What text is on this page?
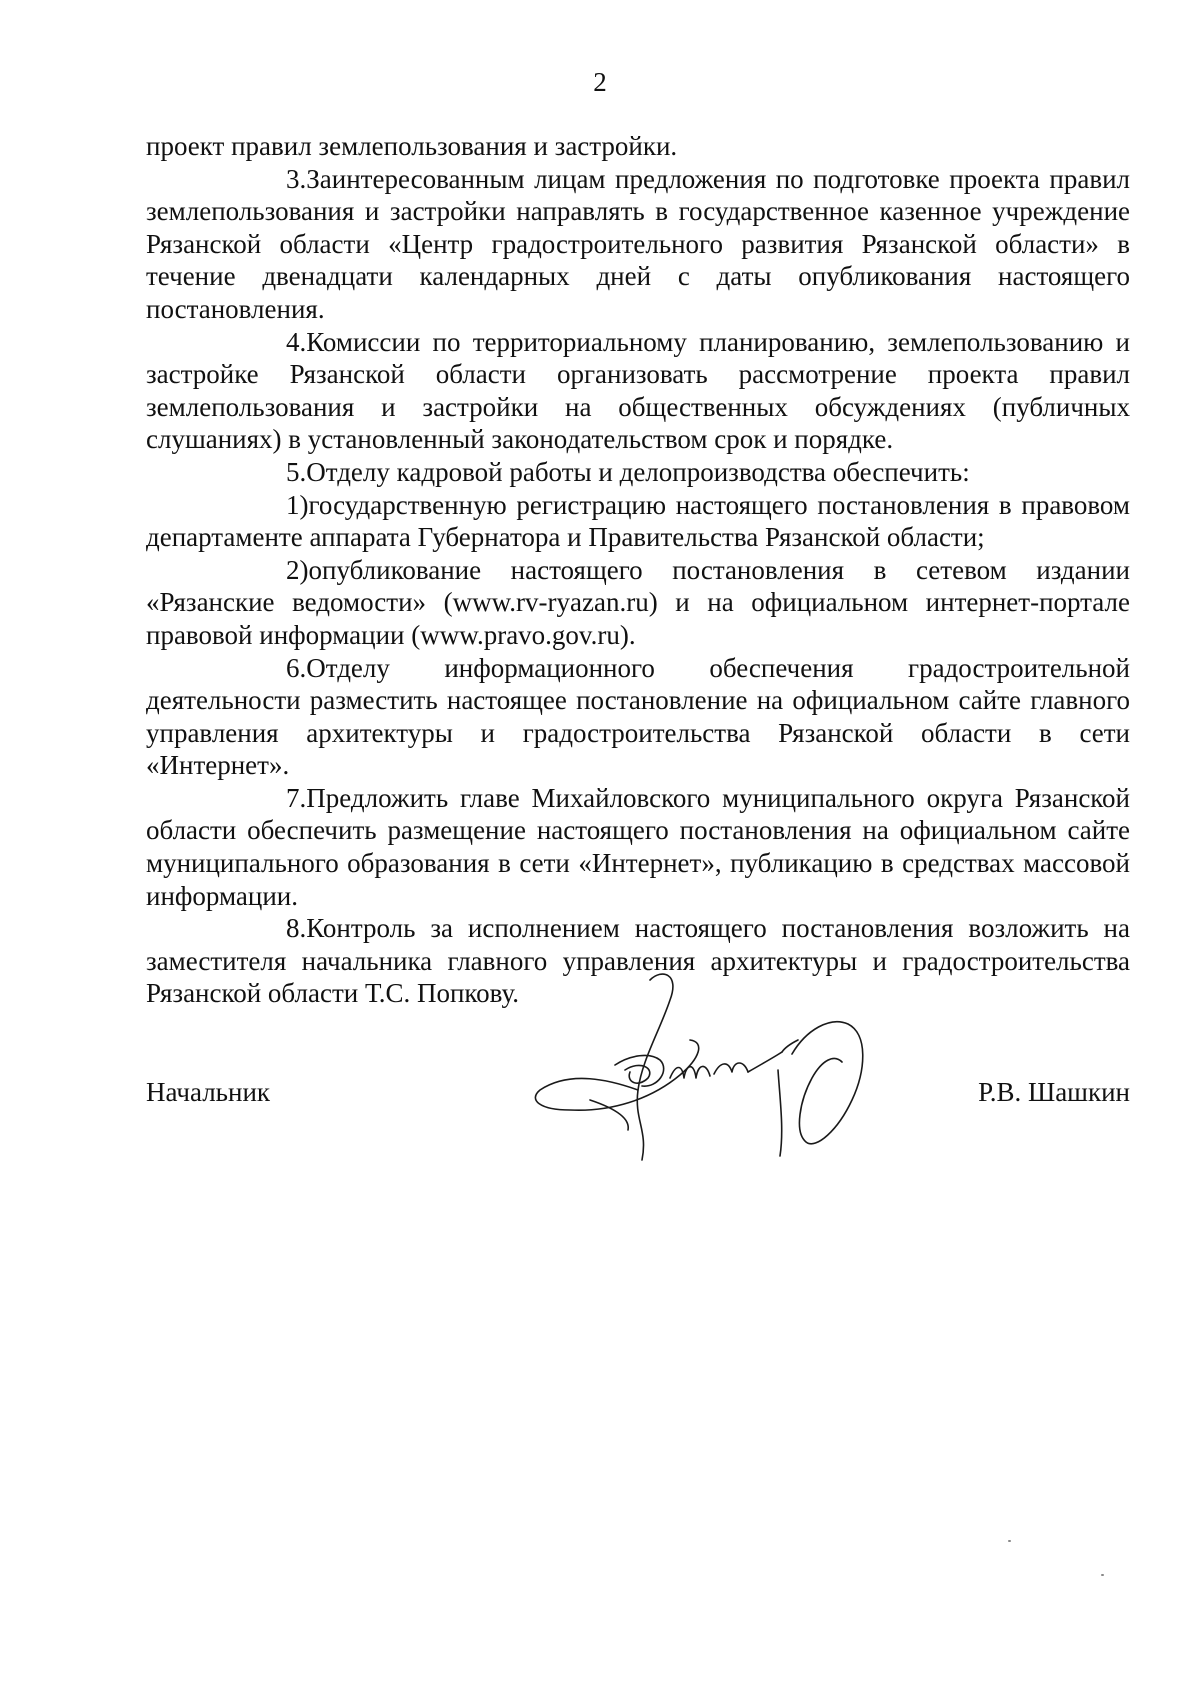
2

проект правил землепользования и застройки.

3.Заинтересованным лицам предложения по подготовке проекта правил землепользования и застройки направлять в государственное казенное учреждение Рязанской области «Центр градостроительного развития Рязанской области» в течение двенадцати календарных дней с даты опубликования настоящего постановления.

4.Комиссии по территориальному планированию, землепользованию и застройке Рязанской области организовать рассмотрение проекта правил землепользования и застройки на общественных обсуждениях (публичных слушаниях) в установленный законодательством срок и порядке.

5.Отделу кадровой работы и делопроизводства обеспечить:

1)государственную регистрацию настоящего постановления в правовом департаменте аппарата Губернатора и Правительства Рязанской области;

2)опубликование настоящего постановления в сетевом издании «Рязанские ведомости» (www.rv-ryazan.ru) и на официальном интернет-портале правовой информации (www.pravo.gov.ru).

6.Отделу информационного обеспечения градостроительной деятельности разместить настоящее постановление на официальном сайте главного управления архитектуры и градостроительства Рязанской области в сети «Интернет».

7.Предложить главе Михайловского муниципального округа Рязанской области обеспечить размещение настоящего постановления на официальном сайте муниципального образования в сети «Интернет», публикацию в средствах массовой информации.

8.Контроль за исполнением настоящего постановления возложить на заместителя начальника главного управления архитектуры и градостроительства Рязанской области Т.С. Попкову.

Начальник	Р.В. Шашкин
